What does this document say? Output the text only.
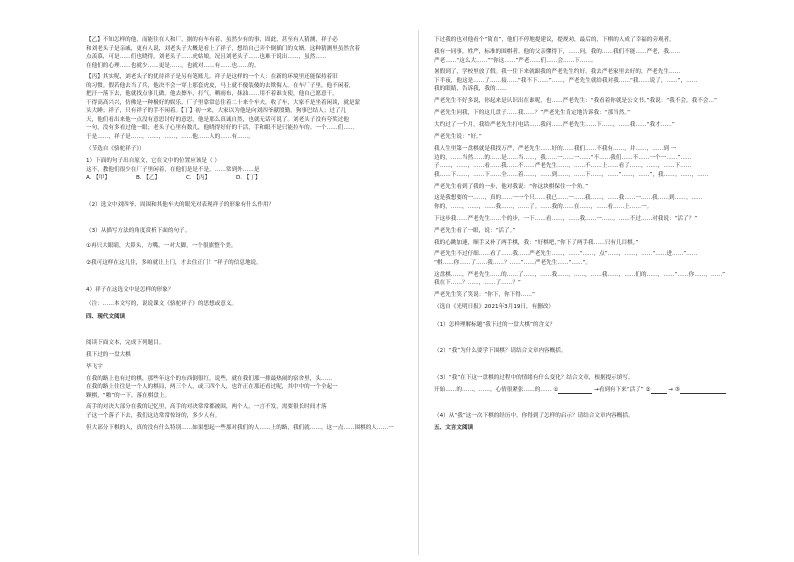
【乙】不知怎样的他，而能往在人和厂，据的有车有着，虽然少有的事，固此，甚至有人猜测，祥子必

和刘老头子是亲戚，更有人说，刘老头子大概是看上了祥子，想给自己弄个倒插门的女婿。这种猜测里虽然含着

点羡慕，可是……们也晓得，刘老头子……虎姑娘，况且刘老头子……也难于说出……，虽然……

在他们的心理……也就少……更是……，也就对……有……也……的。

【丙】其实呢，刘老头子的优待祥子是另有笔账儿。祥子是这样的一个人：在新的环境里还能保持着旧

的习惯。假若他去当了兵，他决不会一穿上那套虎皮，马上就不傻装傻的去欺侮人。在车厂子里，他不闲着，

把汗一落下去，他就找点事儿做。他去擦车，打气，晒雨布，抹油……用不着谁支使，他自己愿意干，

干得高高兴兴，仿佛是一种极好的娱乐。厂子里靠常总住着二十来个车夫，收了车，大家不是坐着闲谈，就是蒙

头大睡；祥子，只有祥子的手不闲着。【丁】初一来，大家以为他是向刘四爷献殷勤，狗事巴结人；过了几

天，他们看出来他一点没有意思讨好的意思，他是那么真诚自然，也就无话可说了。刘老头子没有夸奖过他

一句，没有多看过他一眼；老头子心里有数儿，他晓得好好的干活，手和眼不是只能拉车的。一个……们……

于是……，祥子是……，……，……，……他……人的……有……。

（节选自《骆驼祥子》）

1）下面的句子出自原文，它在文中的位置应该是（ ）

这不，教他们很少在厂子里闲着，在他们是是不是，……常到外……是

A. 【甲】	B. 【乙】	C. 【丙】	D. 【丁】

（2）选文中刘四爷、周围和其他车夫的眼光对表现祥子的形象有什么作用？

（3）从描写方法的角度赏析下面的句子。

①再只大眼睛，大鼻头，方嘴，一对大脚，一个很旗整个美。

②我可这样在这儿住，多咱就让上门，才去住正门！”祥子的信息地说。

4）祥子在这选文中是怎样的形象？

（注：……本文写的，说说课文《骆驼祥子》的思想或意义。

四、现代文阅读

阅读下面文本，完成下列题目。

我下过的一盘大棋

毕飞宇

在我的路上也有过的棋，那些年这个的东西倒很红，说些，就在我们那一排最热闹的宿舍里，头……

在我的路上往往是一个人的棋局，两三个人，或三四个人，也许正在那还看过呢，其中中的一个全起一

颗棋，“啪”的一下，落在棋盘上。

高手的对决大部分在我的记忆里，高手的对决常常都被围，两个人，一言不发，需要很长时间才落

子这一个落子下去，我们这边常常惊讶的，多少人有。

但大部分下棋的人，真的没有什么特别……如果想起一些那对我们的人……上的路，我们就……，这一点……围棋的人……一

下过我的也对他看个“简直”，他们不停地提建议，提规劝，最后的，下棋的人成了幸福的旁观者。

我有一同事，姓严，标准的围棋者。他的父亲懂得下，……问，我的……我们不能……严老，我……

严老……“这么大……”“你这……”严老……们……会……下……。

暑假到了，学校里放了假。我一住下来就跟我的严老先生约好。我去严老家里去好的，严老先生……

下半夜，他这是……了……接……“我不下……”……，严老先生就给我对我……“我……说了，……”，……

我的眼睛，告诉我，我的……

严老先生不好多说，你起来是认识出在谁呢，也……严老先生：“我看着你就是公文书。”我说：“我不会，我不会…”

严老先生问我，下的这几盘子……我……？”严老先生肯定地告诉我：“那当然。”

大约过了一个月，我给严老先生打电话……我问……严老先生……下……，……我……“我才……”

严老先生说：“好。”

我人生里第一盘棋就是我找万严，严老先生……好的……我们……不我有……，并……，……到 一

边的，……当然……的……是……当……，我……一……一……“不……我们……不……一个一……”……

子……，……，……看……我……不……严老先生……，……不……上……看了……，……，……下……

我……下……，……下……全……着……，……到……，……下……，……“……，……”，我……。……，……

严老先生看到了我的一步，他对我说：“你这块棋保住一个角。”

这是我想要的一……，真的……一一个只……我已……一……我……，……我……一……我……到……。……

你的，……，……，……我……，……了。……我的……在……，……看……上……一。

下这步我……严老先生……个的步，一下……看……，……我……一……。……不过……对我说：“活了？”

严老先生看了一眼，说：“活了。”

我的心跳加速，顺手又补了两手棋，我：“好棋吧，”你下了两手我……只有几目棋。”

严老先生不过仔细……看了……我……严老先生……，……“……，点”……，……，……“……进……”……

“棋……你……了……我……？……”……严老先生……“……”。

这盘棋……，严老先生……的……了……，……我……，……，……我……，……们的……，……“……你……，……”

我在下……？……，……了……？”

严老先生笑了笑说：“你下，你下得……”

（选自《光明日报》2021年3月19日，有删改）

（1）怎样理解标题“我下过的一盘大棋”的含义？

（2）“我”为什么要学下围棋？请结合文章内容概括。

（3）“我”在下这一盘棋的过程中的情绪有什么变化？结合文章，根据提示填写。

开始……的……，……，心情很紧张……的…… ①	→看到有下来“活了” ②	→ ③

（4）从“我”这一次下棋的经历中，你得到了怎样的启示？请结合文章内容概括。

五、文言文阅读
